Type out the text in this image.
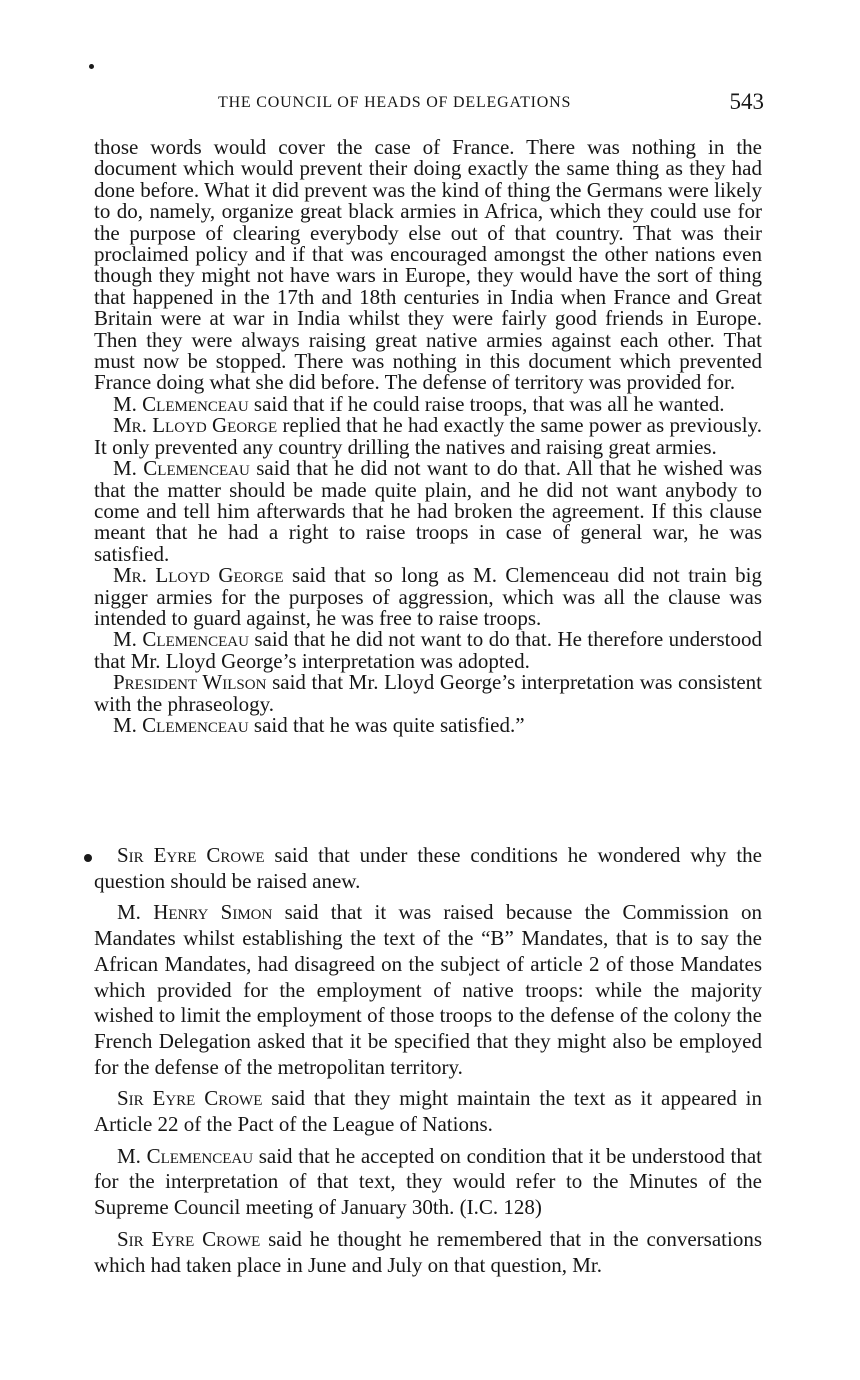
THE COUNCIL OF HEADS OF DELEGATIONS	543

those words would cover the case of France. There was nothing in the document which would prevent their doing exactly the same thing as they had done before. What it did prevent was the kind of thing the Germans were likely to do, namely, organize great black armies in Africa, which they could use for the purpose of clearing everybody else out of that country. That was their proclaimed policy and if that was encouraged amongst the other nations even though they might not have wars in Europe, they would have the sort of thing that happened in the 17th and 18th centuries in India when France and Great Britain were at war in India whilst they were fairly good friends in Europe. Then they were always raising great native armies against each other. That must now be stopped. There was nothing in this document which prevented France doing what she did before. The defense of territory was provided for.

M. Clemenceau said that if he could raise troops, that was all he wanted.

Mr. Lloyd George replied that he had exactly the same power as previously. It only prevented any country drilling the natives and raising great armies.

M. Clemenceau said that he did not want to do that. All that he wished was that the matter should be made quite plain, and he did not want anybody to come and tell him afterwards that he had broken the agreement. If this clause meant that he had a right to raise troops in case of general war, he was satisfied.

Mr. Lloyd George said that so long as M. Clemenceau did not train big nigger armies for the purposes of aggression, which was all the clause was intended to guard against, he was free to raise troops.

M. Clemenceau said that he did not want to do that. He therefore understood that Mr. Lloyd George’s interpretation was adopted.

President Wilson said that Mr. Lloyd George’s interpretation was consistent with the phraseology.

M. Clemenceau said that he was quite satisfied.”

Sir Eyre Crowe said that under these conditions he wondered why the question should be raised anew.

M. Henry Simon said that it was raised because the Commission on Mandates whilst establishing the text of the “B” Mandates, that is to say the African Mandates, had disagreed on the subject of article 2 of those Mandates which provided for the employment of native troops: while the majority wished to limit the employment of those troops to the defense of the colony the French Delegation asked that it be specified that they might also be employed for the defense of the metropolitan territory.

Sir Eyre Crowe said that they might maintain the text as it appeared in Article 22 of the Pact of the League of Nations.

M. Clemenceau said that he accepted on condition that it be understood that for the interpretation of that text, they would refer to the Minutes of the Supreme Council meeting of January 30th. (I.C. 128)

Sir Eyre Crowe said he thought he remembered that in the conversations which had taken place in June and July on that question, Mr.
